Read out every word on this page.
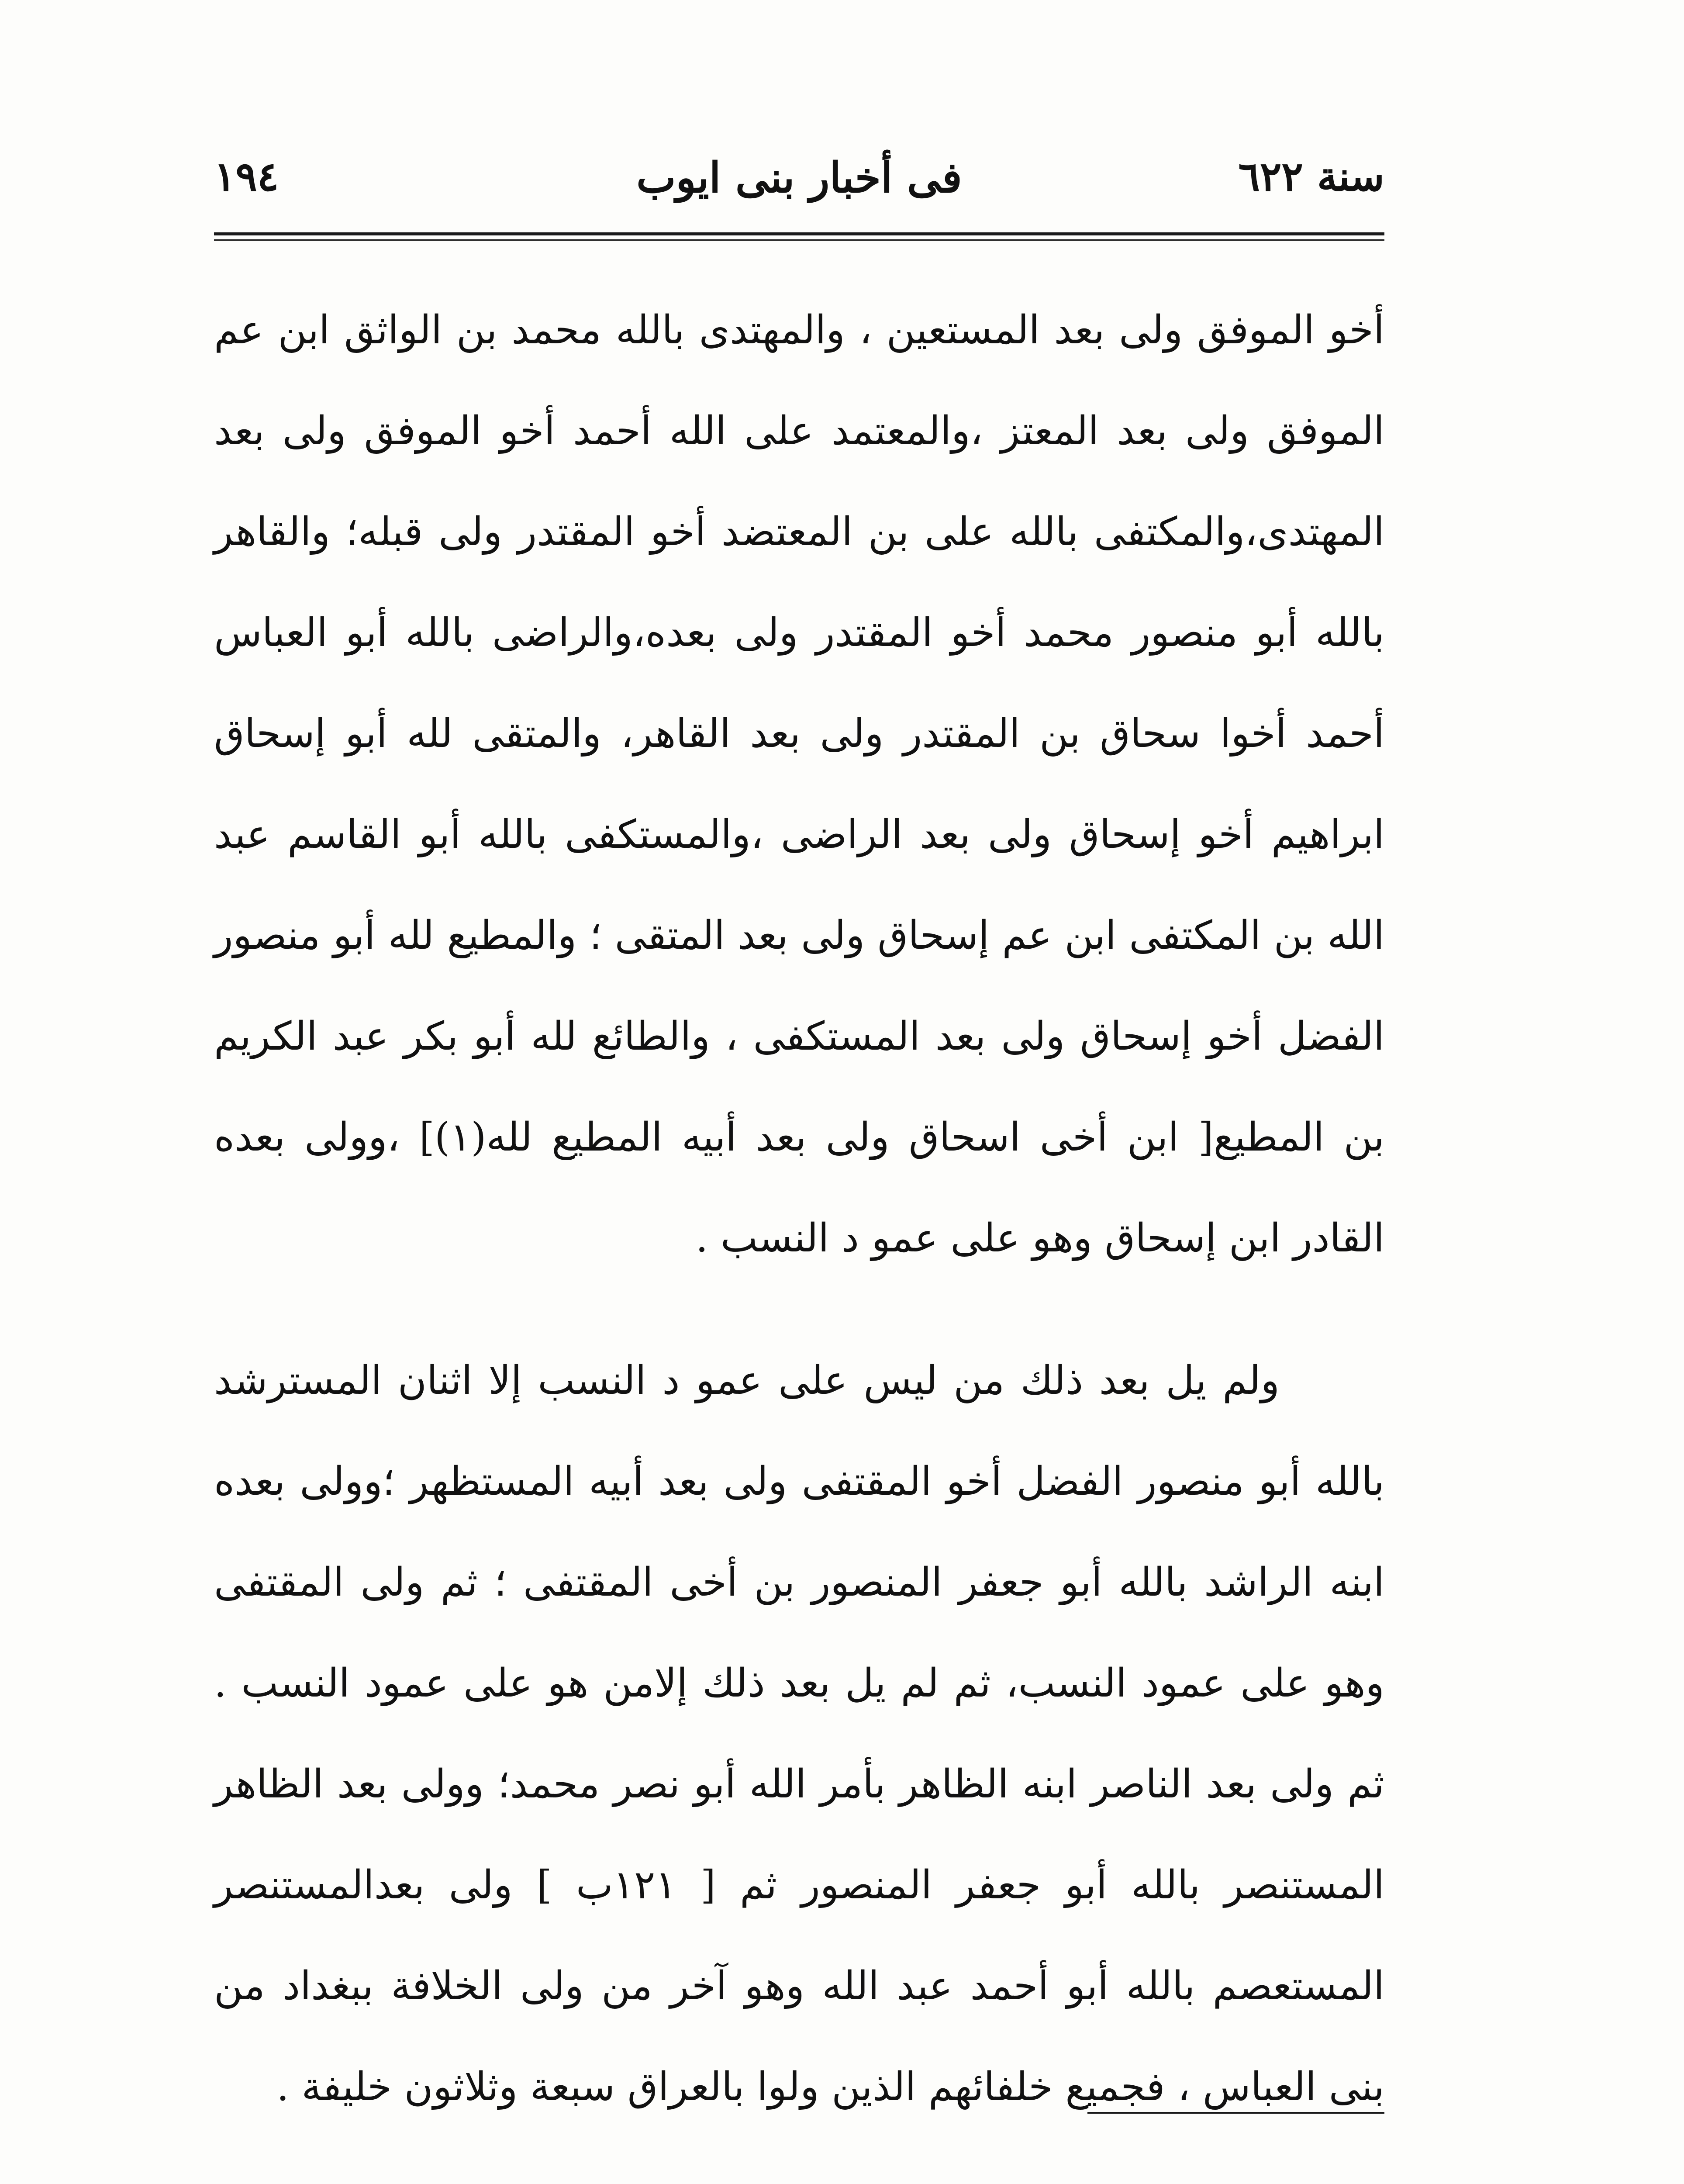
سنة ٦٢٢
فى أخبار بنى ايوب
١٩٤

أخو الموفق ولى بعد المستعين ، والمهتدى بالله محمد بن الواثق ابن عم الموفق ولى بعد المعتز ،والمعتمد على الله أحمد أخو الموفق ولى بعد المهتدى،والمكتفى بالله على بن المعتضد أخو المقتدر ولى قبله؛ والقاهر بالله أبو منصور محمد أخو المقتدر ولى بعده،والراضى بالله أبو العباس أحمد أخوا سحاق بن المقتدر ولى بعد القاهر، والمتقى لله أبو إسحاق ابراهيم أخو إسحاق ولى بعد الراضى ،والمستكفى بالله أبو القاسم عبد الله بن المكتفى ابن عم إسحاق ولى بعد المتقى ؛ والمطيع لله أبو منصور الفضل أخو إسحاق ولى بعد المستكفى ، والطائع لله أبو بكر عبد الكريم بن المطيع[ ابن أخى اسحاق ولى بعد أبيه المطيع لله(١)] ،وولى بعده القادر ابن إسحاق وهو على عمو د النسب .

ولم يل بعد ذلك من ليس على عمو د النسب إلا اثنان المسترشد بالله أبو منصور الفضل أخو المقتفى ولى بعد أبيه المستظهر ؛وولى بعده ابنه الراشد بالله أبو جعفر المنصور بن أخى المقتفى ؛ ثم ولى المقتفى وهو على عمود النسب، ثم لم يل بعد ذلك إلامن هو على عمود النسب . ثم ولى بعد الناصر ابنه الظاهر بأمر الله أبو نصر محمد؛ وولى بعد الظاهر المستنصر بالله أبو جعفر المنصور ثم [ ١٢١ب ] ولى بعدالمستنصر المستعصم بالله أبو أحمد عبد الله وهو آخر من ولى الخلافة ببغداد من بنى العباس ، فجميع خلفائهم الذين ولوا بالعراق سبعة وثلاثون خليفة .
